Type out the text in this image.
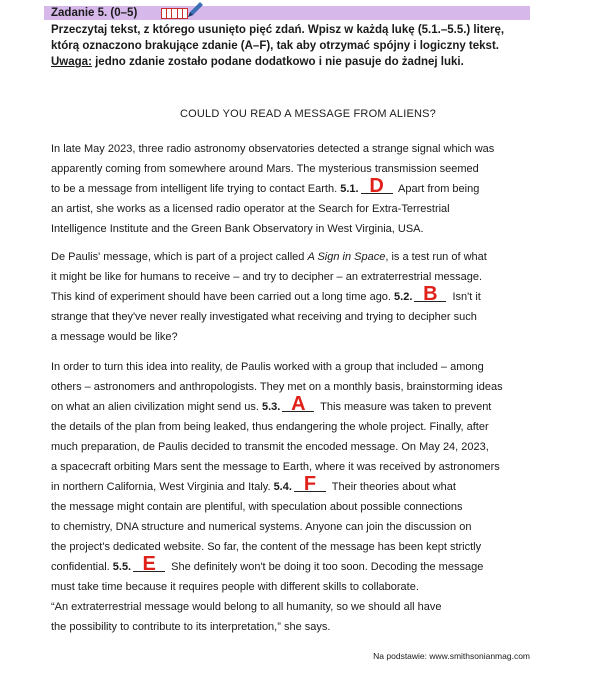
Zadanie 5. (0–5)
Przeczytaj tekst, z którego usunięto pięć zdań. Wpisz w każdą lukę (5.1.–5.5.) literę,
którą oznaczono brakujące zdanie (A–F), tak aby otrzymać spójny i logiczny tekst.
Uwaga: jedno zdanie zostało podane dodatkowo i nie pasuje do żadnej luki.
COULD YOU READ A MESSAGE FROM ALIENS?
In late May 2023, three radio astronomy observatories detected a strange signal which was
apparently coming from somewhere around Mars. The mysterious transmission seemed
to be a message from intelligent life trying to contact Earth. 5.1. D	Apart from being
an artist, she works as a licensed radio operator at the Search for Extra-Terrestrial
Intelligence Institute and the Green Bank Observatory in West Virginia, USA.
De Paulis' message, which is part of a project called A Sign in Space, is a test run of what
it might be like for humans to receive – and try to decipher – an extraterrestrial message.
This kind of experiment should have been carried out a long time ago. 5.2. B	Isn't it
strange that they've never really investigated what receiving and trying to decipher such
a message would be like?
In order to turn this idea into reality, de Paulis worked with a group that included – among
others – astronomers and anthropologists. They met on a monthly basis, brainstorming ideas
on what an alien civilization might send us. 5.3. A	This measure was taken to prevent
the details of the plan from being leaked, thus endangering the whole project. Finally, after
much preparation, de Paulis decided to transmit the encoded message. On May 24, 2023,
a spacecraft orbiting Mars sent the message to Earth, where it was received by astronomers
in northern California, West Virginia and Italy. 5.4. F	Their theories about what
the message might contain are plentiful, with speculation about possible connections
to chemistry, DNA structure and numerical systems. Anyone can join the discussion on
the project's dedicated website. So far, the content of the message has been kept strictly
confidential. 5.5. E	She definitely won't be doing it too soon. Decoding the message
must take time because it requires people with different skills to collaborate.
“An extraterrestrial message would belong to all humanity, so we should all have
the possibility to contribute to its interpretation,” she says.
Na podstawie: www.smithsonianmag.com
